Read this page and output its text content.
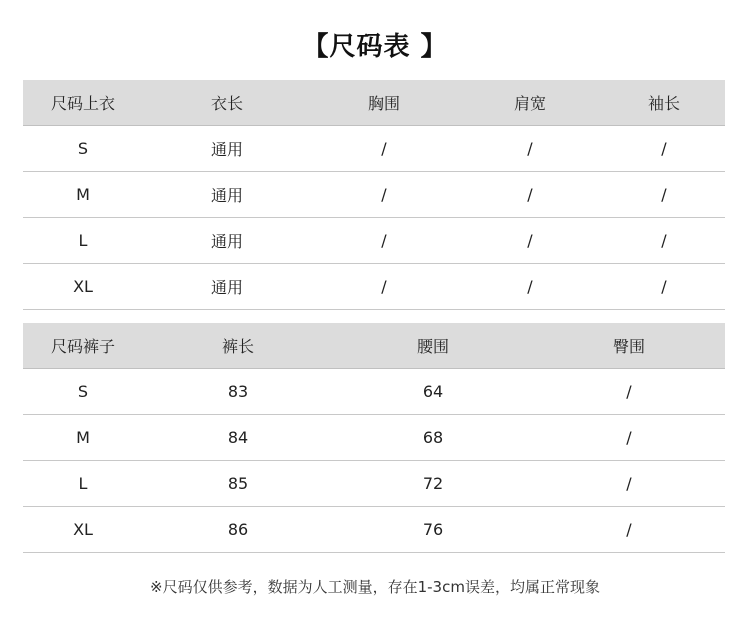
【尺码表 】
尺码上衣	衣长	胸围	肩宽	袖长
S	通用	/	/	/
M	通用	/	/	/
L	通用	/	/	/
XL	通用	/	/	/
尺码裤子	裤长	腰围	臀围
S	83	64	/
M	84	68	/
L	85	72	/
XL	86	76	/
※尺码仅供参考，数据为人工测量，存在1-3cm误差，均属正常现象
